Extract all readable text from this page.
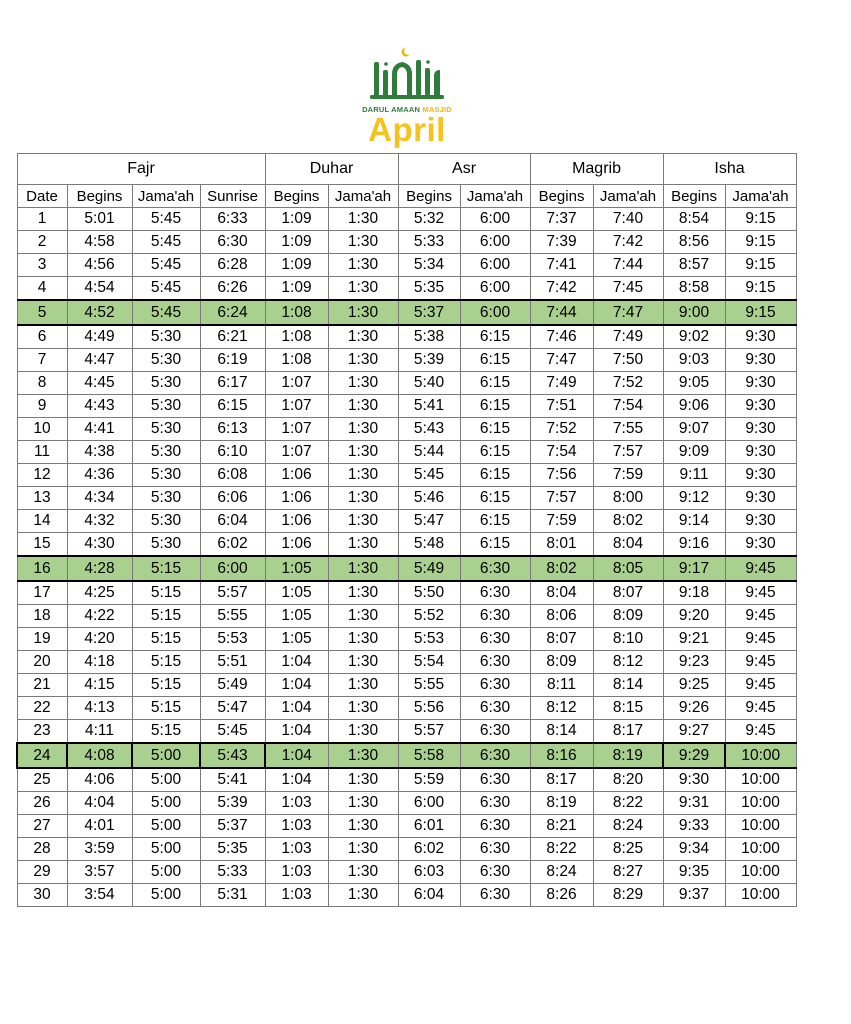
DARUL AMAAN MASJID
April
Fajr				Duhar		Asr		Magrib		Isha	
Date	Begins	Jama'ah	Sunrise	Begins	Jama'ah	Begins	Jama'ah	Begins	Jama'ah	Begins	Jama'ah
1	5:01	5:45	6:33	1:09	1:30	5:32	6:00	7:37	7:40	8:54	9:15
2	4:58	5:45	6:30	1:09	1:30	5:33	6:00	7:39	7:42	8:56	9:15
3	4:56	5:45	6:28	1:09	1:30	5:34	6:00	7:41	7:44	8:57	9:15
4	4:54	5:45	6:26	1:09	1:30	5:35	6:00	7:42	7:45	8:58	9:15
5	4:52	5:45	6:24	1:08	1:30	5:37	6:00	7:44	7:47	9:00	9:15
6	4:49	5:30	6:21	1:08	1:30	5:38	6:15	7:46	7:49	9:02	9:30
7	4:47	5:30	6:19	1:08	1:30	5:39	6:15	7:47	7:50	9:03	9:30
8	4:45	5:30	6:17	1:07	1:30	5:40	6:15	7:49	7:52	9:05	9:30
9	4:43	5:30	6:15	1:07	1:30	5:41	6:15	7:51	7:54	9:06	9:30
10	4:41	5:30	6:13	1:07	1:30	5:43	6:15	7:52	7:55	9:07	9:30
11	4:38	5:30	6:10	1:07	1:30	5:44	6:15	7:54	7:57	9:09	9:30
12	4:36	5:30	6:08	1:06	1:30	5:45	6:15	7:56	7:59	9:11	9:30
13	4:34	5:30	6:06	1:06	1:30	5:46	6:15	7:57	8:00	9:12	9:30
14	4:32	5:30	6:04	1:06	1:30	5:47	6:15	7:59	8:02	9:14	9:30
15	4:30	5:30	6:02	1:06	1:30	5:48	6:15	8:01	8:04	9:16	9:30
16	4:28	5:15	6:00	1:05	1:30	5:49	6:30	8:02	8:05	9:17	9:45
17	4:25	5:15	5:57	1:05	1:30	5:50	6:30	8:04	8:07	9:18	9:45
18	4:22	5:15	5:55	1:05	1:30	5:52	6:30	8:06	8:09	9:20	9:45
19	4:20	5:15	5:53	1:05	1:30	5:53	6:30	8:07	8:10	9:21	9:45
20	4:18	5:15	5:51	1:04	1:30	5:54	6:30	8:09	8:12	9:23	9:45
21	4:15	5:15	5:49	1:04	1:30	5:55	6:30	8:11	8:14	9:25	9:45
22	4:13	5:15	5:47	1:04	1:30	5:56	6:30	8:12	8:15	9:26	9:45
23	4:11	5:15	5:45	1:04	1:30	5:57	6:30	8:14	8:17	9:27	9:45
24	4:08	5:00	5:43	1:04	1:30	5:58	6:30	8:16	8:19	9:29	10:00
25	4:06	5:00	5:41	1:04	1:30	5:59	6:30	8:17	8:20	9:30	10:00
26	4:04	5:00	5:39	1:03	1:30	6:00	6:30	8:19	8:22	9:31	10:00
27	4:01	5:00	5:37	1:03	1:30	6:01	6:30	8:21	8:24	9:33	10:00
28	3:59	5:00	5:35	1:03	1:30	6:02	6:30	8:22	8:25	9:34	10:00
29	3:57	5:00	5:33	1:03	1:30	6:03	6:30	8:24	8:27	9:35	10:00
30	3:54	5:00	5:31	1:03	1:30	6:04	6:30	8:26	8:29	9:37	10:00
